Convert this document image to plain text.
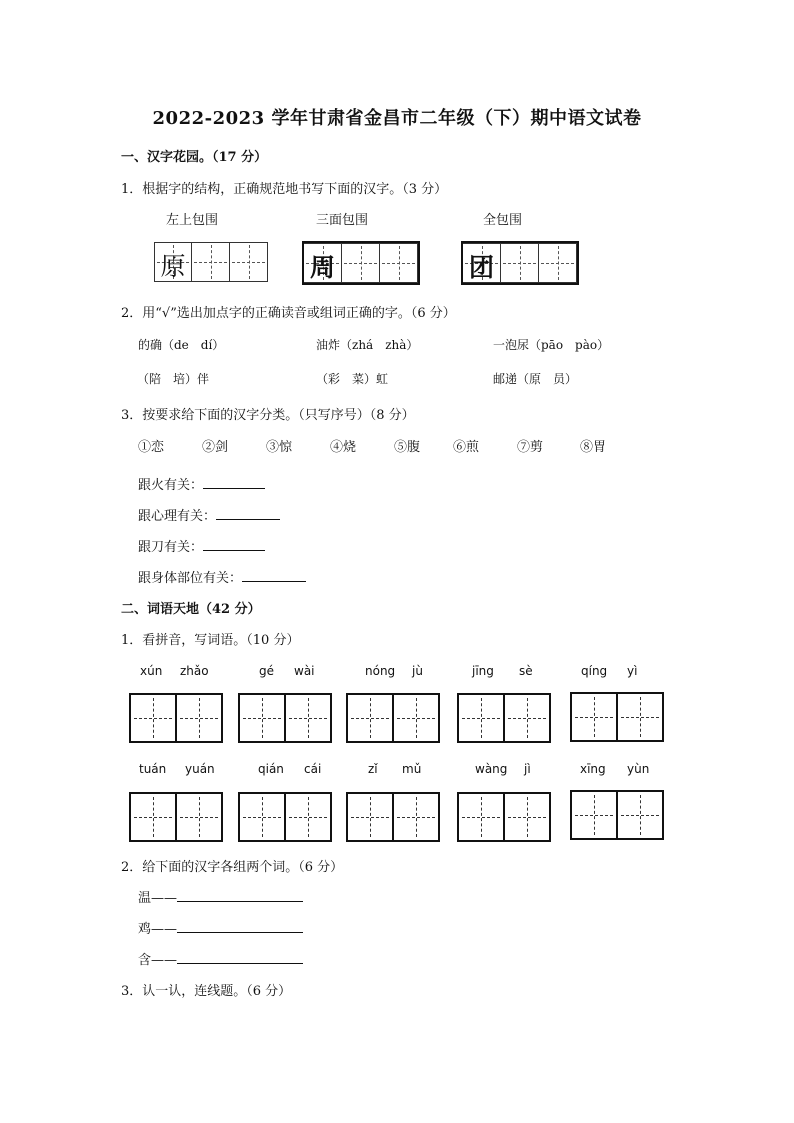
2022-2023 学年甘肃省金昌市二年级（下）期中语文试卷
一、汉字花园。（17 分）
1．根据字的结构，正确规范地书写下面的汉字。（3 分）
左上包围	三面包围	全包围
原	周	团
2．用“√”选出加点字的正确读音或组词正确的字。（6 分）
的确（de　dí）	油炸（zhá　zhà）	一泡尿（pāo　pào）
（陪　培）伴	（彩　菜）虹	邮递（原　员）
3．按要求给下面的汉字分类。（只写序号）（8 分）
①恋	②剑	③惊	④烧	⑤腹	⑥煎	⑦剪	⑧胃
跟火有关：
跟心理有关：
跟刀有关：
跟身体部位有关：
二、词语天地（42 分）
1．看拼音，写词语。（10 分）
xún zhǎo	gé wài	nóng jù	jīng sè	qíng yì
tuán yuán	qián cái	zǐ mǔ	wàng jì	xīng yùn
2．给下面的汉字各组两个词。（6 分）
温——
鸡——
含——
3．认一认，连线题。（6 分）
